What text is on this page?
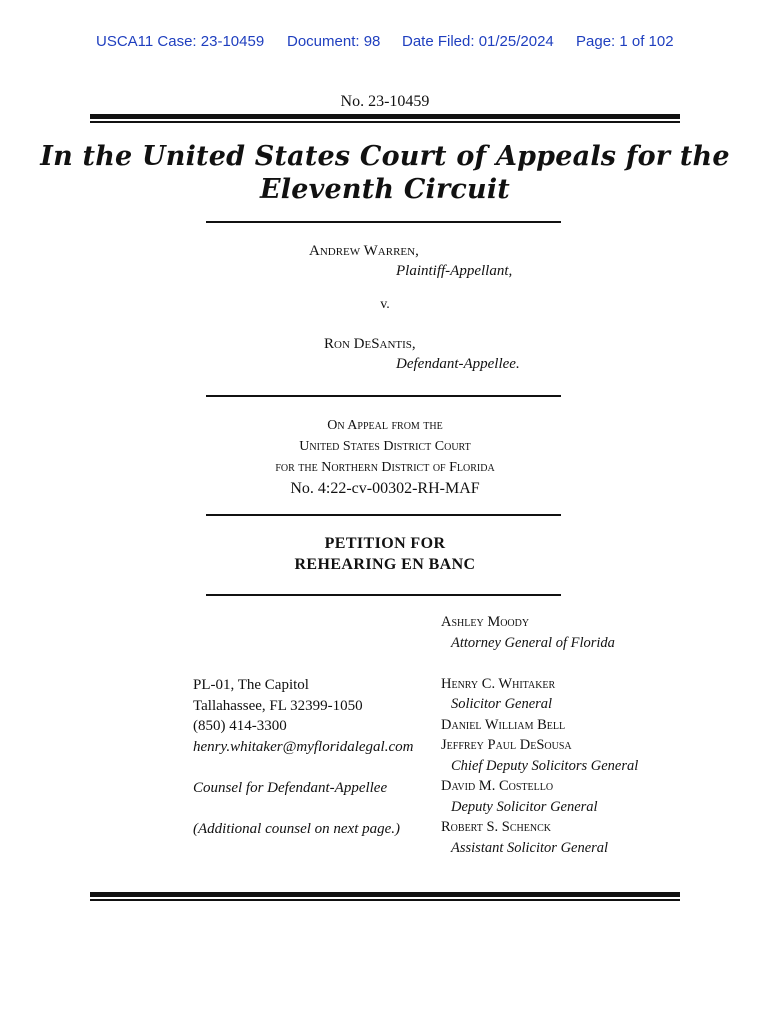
USCA11 Case: 23-10459 Document: 98 Date Filed: 01/25/2024 Page: 1 of 102
No. 23-10459
In the United States Court of Appeals for the
Eleventh Circuit
Andrew Warren,
Plaintiff-Appellant,
v.
Ron DeSantis,
Defendant-Appellee.
On Appeal from the
United States District Court
for the Northern District of Florida
No. 4:22-cv-00302-RH-MAF
PETITION FOR
REHEARING EN BANC
PL-01, The Capitol
Tallahassee, FL 32399-1050
(850) 414-3300
henry.whitaker@myfloridalegal.com
Counsel for Defendant-Appellee
(Additional counsel on next page.)
Ashley Moody
Attorney General of Florida
Henry C. Whitaker
Solicitor General
Daniel William Bell
Jeffrey Paul DeSousa
Chief Deputy Solicitors General
David M. Costello
Deputy Solicitor General
Robert S. Schenck
Assistant Solicitor General
